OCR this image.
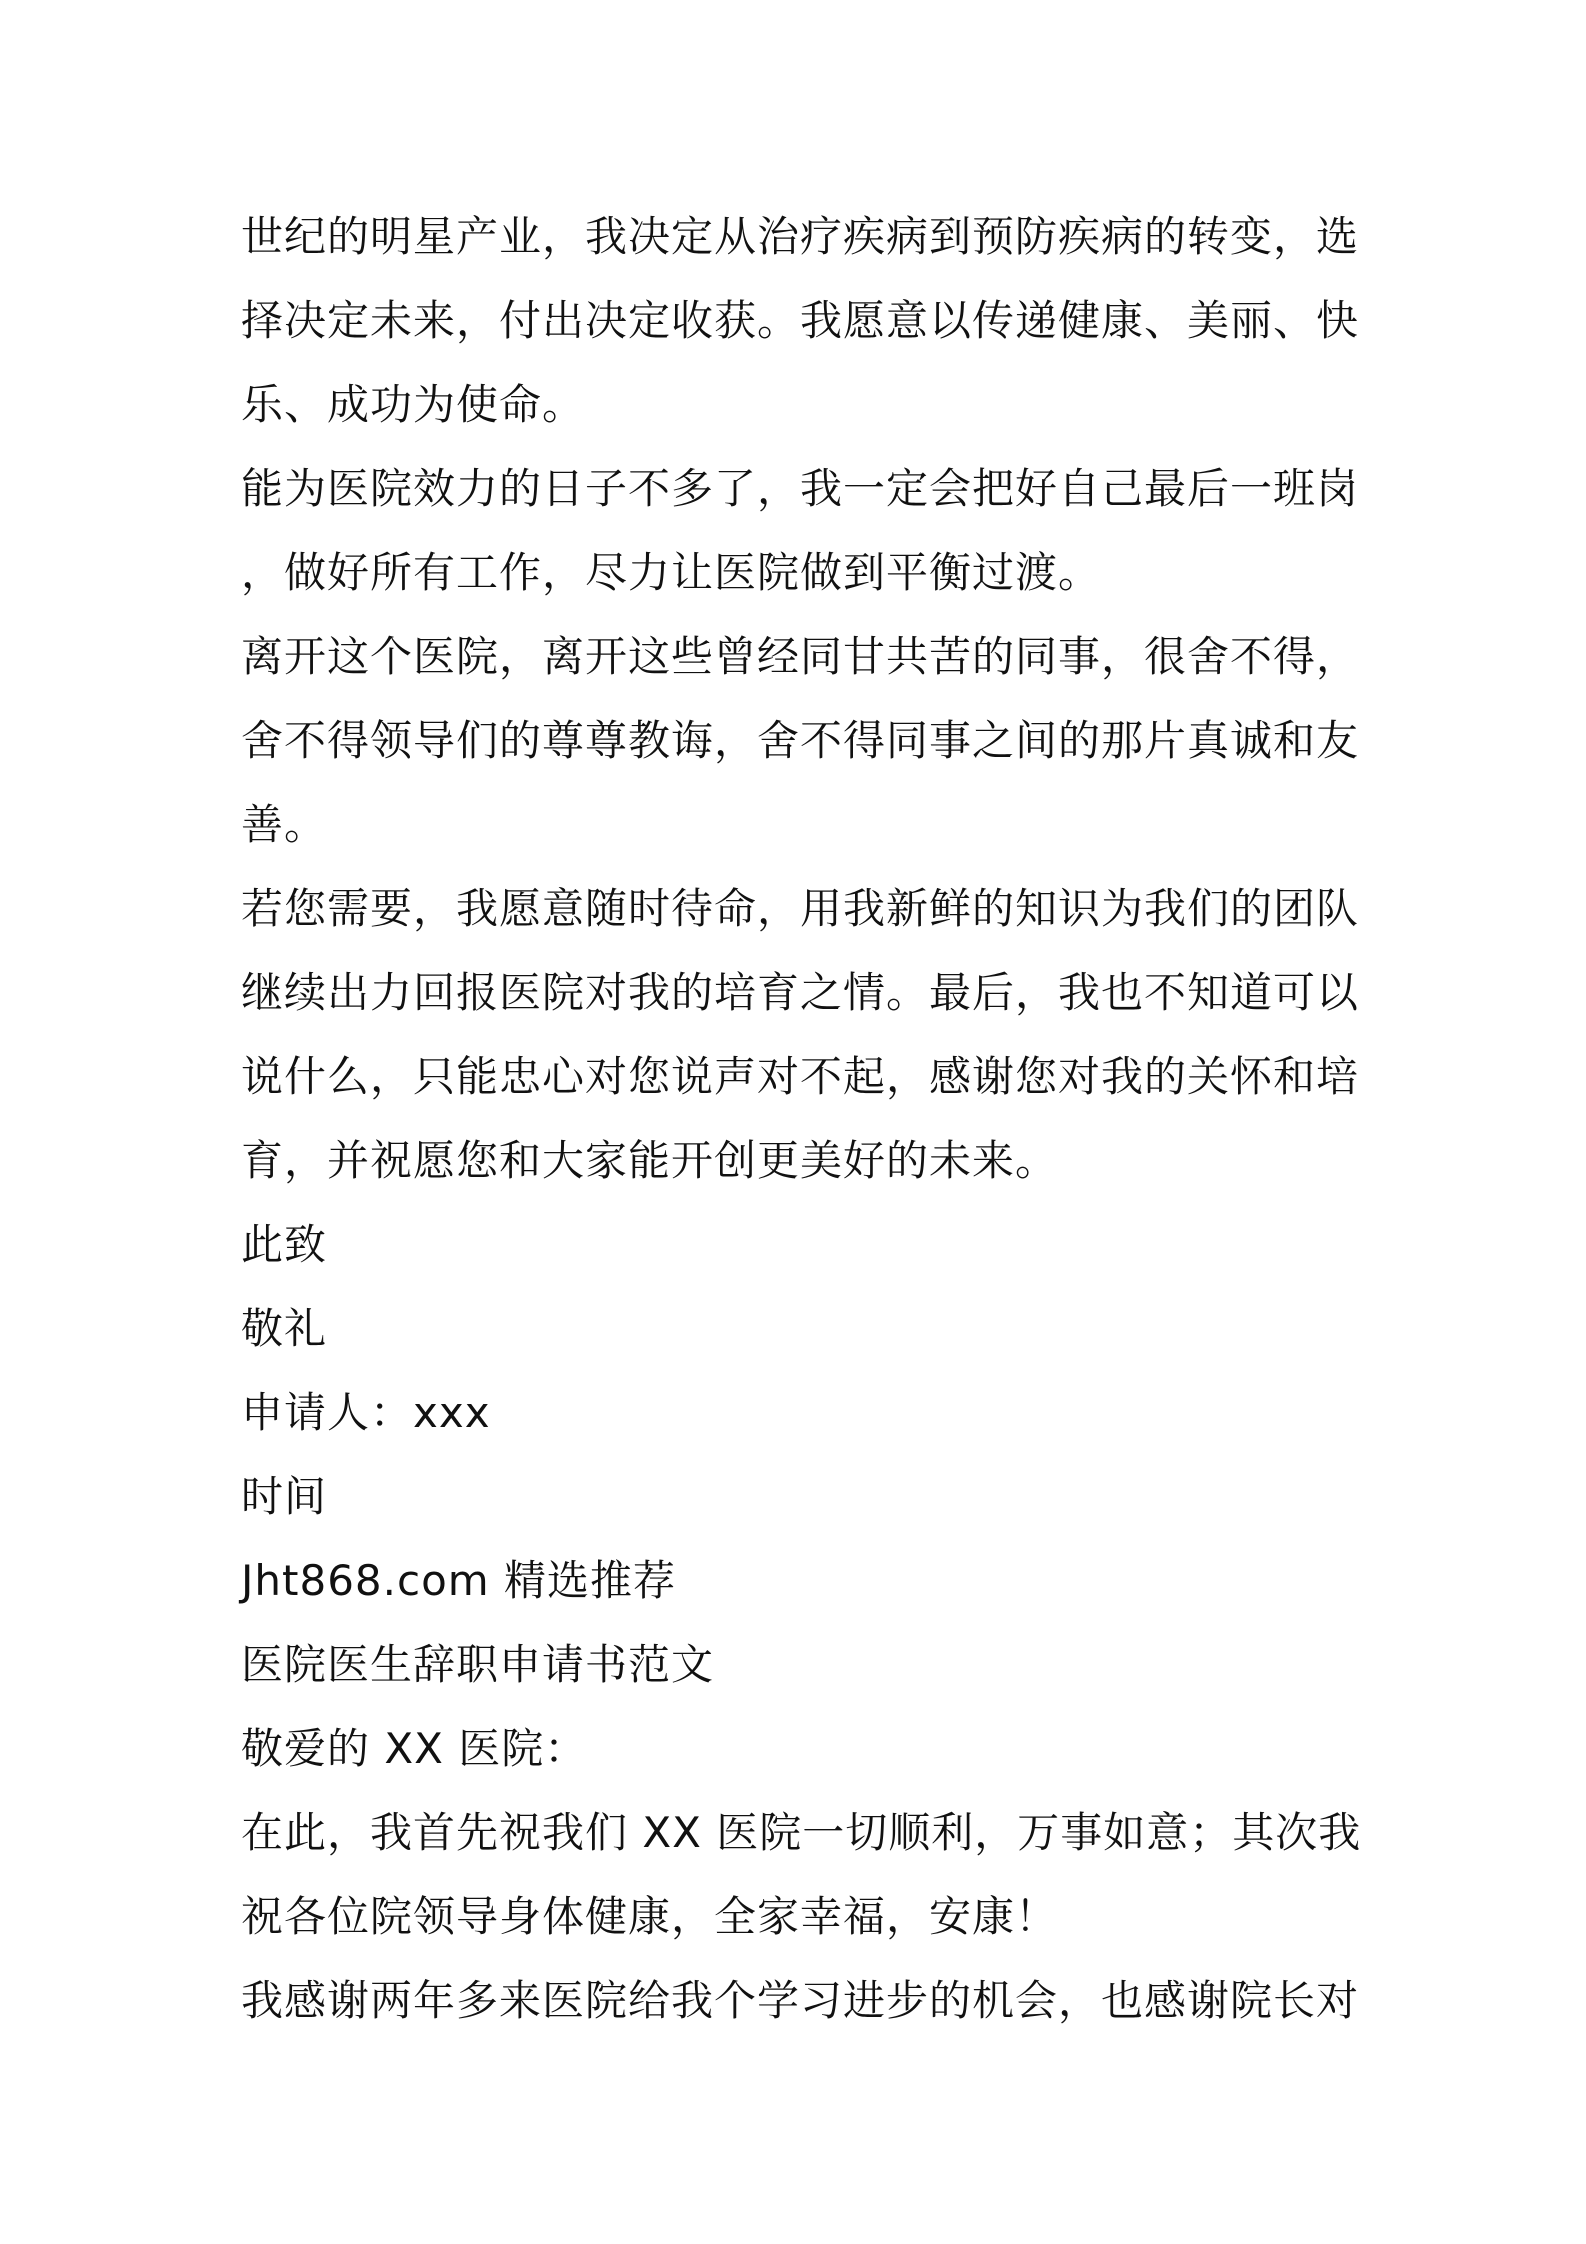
世纪的明星产业，我决定从治疗疾病到预防疾病的转变，选
择决定未来，付出决定收获。我愿意以传递健康、美丽、快
乐、成功为使命。

能为医院效力的日子不多了，我一定会把好自己最后一班岗
，做好所有工作，尽力让医院做到平衡过渡。

离开这个医院，离开这些曾经同甘共苦的同事，很舍不得，
舍不得领导们的尊尊教诲，舍不得同事之间的那片真诚和友
善。

若您需要，我愿意随时待命，用我新鲜的知识为我们的团队
继续出力回报医院对我的培育之情。最后，我也不知道可以
说什么，只能忠心对您说声对不起，感谢您对我的关怀和培
育，并祝愿您和大家能开创更美好的未来。

此致

敬礼

申请人：xxx

时间

Jht868.com 精选推荐

医院医生辞职申请书范文

敬爱的 XX 医院：

在此，我首先祝我们 XX 医院一切顺利，万事如意；其次我
祝各位院领导身体健康，全家幸福，安康！

我感谢两年多来医院给我个学习进步的机会，也感谢院长对
